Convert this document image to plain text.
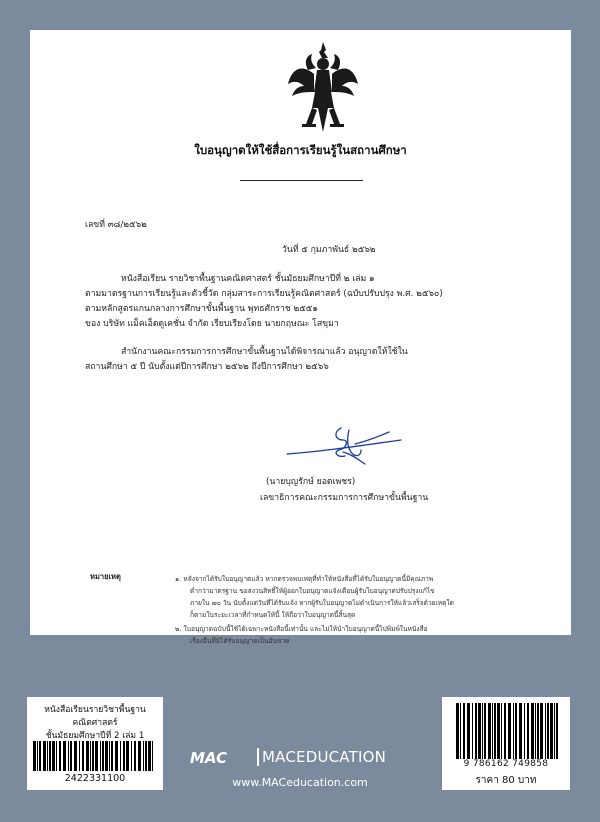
ใบอนุญาตให้ใช้สื่อการเรียนรู้ในสถานศึกษา
เลขที่ ๓๘/๒๕๖๒
วันที่ ๕ กุมภาพันธ์ ๒๕๖๒
หนังสือเรียน รายวิชาพื้นฐานคณิตศาสตร์ ชั้นมัธยมศึกษาปีที่ ๒ เล่ม ๑
ตามมาตรฐานการเรียนรู้และตัวชี้วัด กลุ่มสาระการเรียนรู้คณิตศาสตร์ (ฉบับปรับปรุง พ.ศ. ๒๕๖๐)
ตามหลักสูตรแกนกลางการศึกษาขั้นพื้นฐาน พุทธศักราช ๒๕๕๑
ของ บริษัท แม็คเอ็ดดูเคชั่น จำกัด เรียบเรียงโดย นายกฤษณะ โสขุมา
สำนักงานคณะกรรมการการศึกษาขั้นพื้นฐานได้พิจารณาแล้ว อนุญาตให้ใช้ใน
สถานศึกษา ๕ ปี นับตั้งแต่ปีการศึกษา ๒๕๖๒ ถึงปีการศึกษา ๒๕๖๖
(นายบุญรักษ์ ยอดเพชร)
เลขาธิการคณะกรรมการการศึกษาขั้นพื้นฐาน
หมายเหตุ	๑. หลังจากได้รับใบอนุญาตแล้ว หากตรวจพบเหตุที่ทำให้หนังสือที่ได้รับใบอนุญาตนี้มีคุณภาพ
ต่ำกว่ามาตรฐาน ขอสงวนสิทธิ์ให้ผู้ออกใบอนุญาตแจ้งเตือนผู้รับใบอนุญาตปรับปรุงแก้ไข
ภายใน ๗๐ วัน นับตั้งแต่วันที่ได้รับแจ้ง หากผู้รับใบอนุญาตไม่ดำเนินการให้แล้วเสร็จด้วยเหตุใด
ก็ตามในระยะเวลาที่กำหนดให้นี้ ให้ถือว่าใบอนุญาตนี้สิ้นสุด
๒. ใบอนุญาตฉบับนี้ใช้ได้เฉพาะหนังสือนี้เท่านั้น และไม่ให้นำใบอนุญาตนี้ไปพิมพ์ในหนังสือ
เรื่องอื่นที่มิได้รับอนุญาตเป็นอันขาด
หนังสือเรียนรายวิชาพื้นฐาน
คณิตศาสตร์
ชั้นมัธยมศึกษาปีที่ 2 เล่ม 1
2422331100
MAC MACEDUCATION
www.MACeducation.com
9 786162 749858
ราคา 80 บาท
